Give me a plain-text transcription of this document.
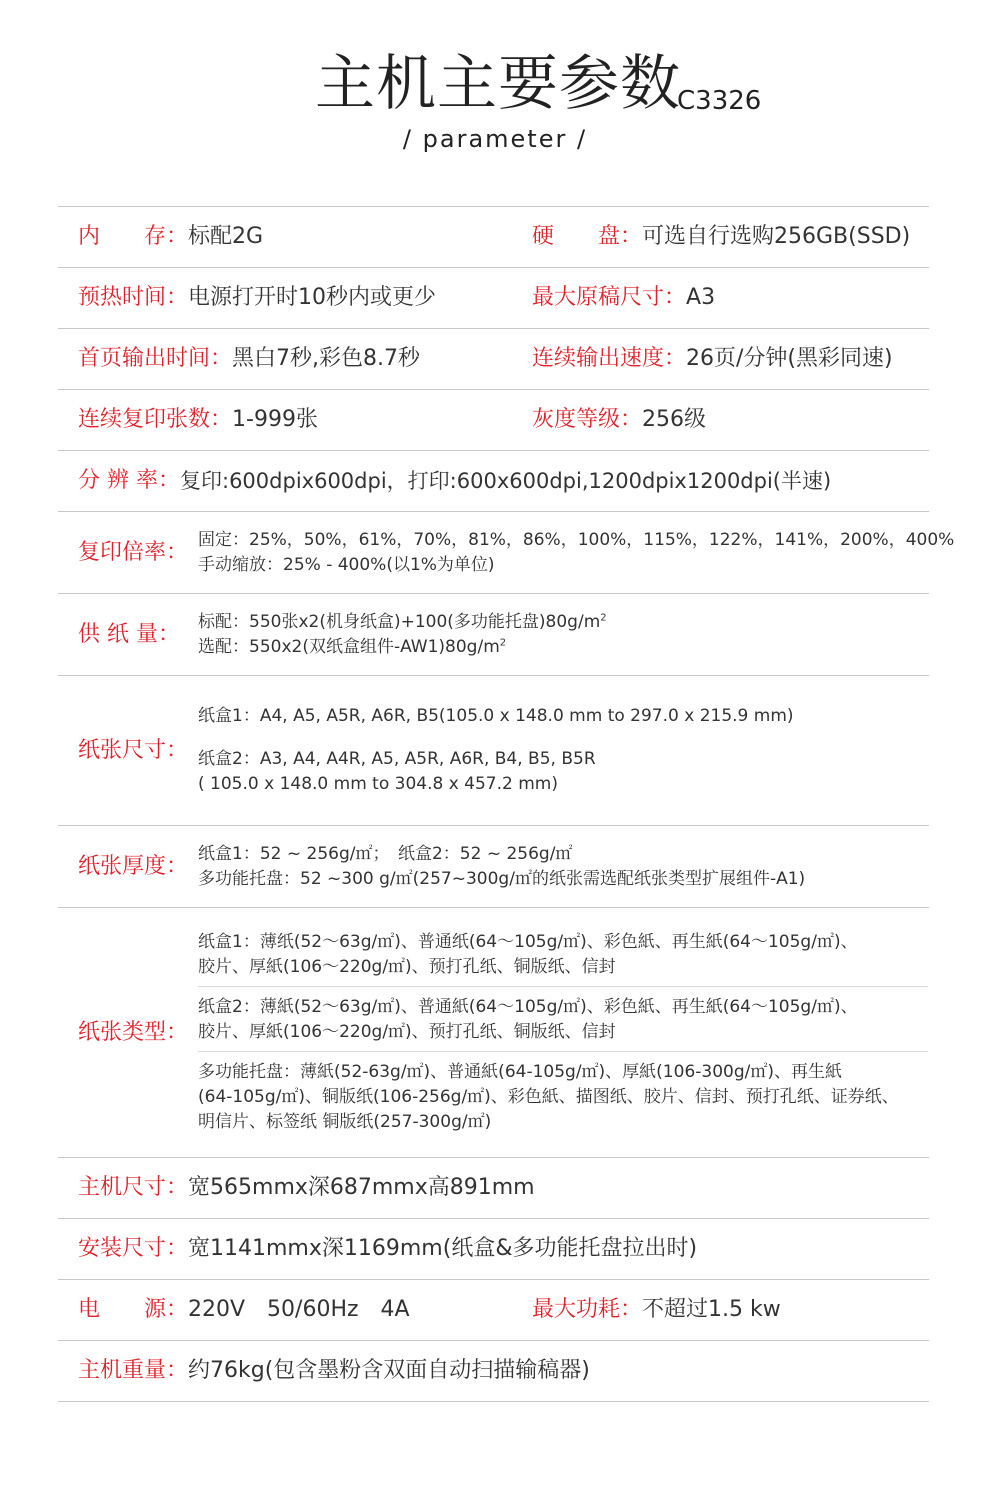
主机主要参数
C3326
/ parameter /
内　　存： 标配2G	硬　　盘： 可选自行选购256GB(SSD)
预热时间： 电源打开时10秒内或更少	最大原稿尺寸： A3
首页输出时间： 黑白7秒,彩色8.7秒	连续输出速度： 26页/分钟(黑彩同速)
连续复印张数： 1-999张	灰度等级： 256级
分 辨 率： 复印:600dpix600dpi，打印:600x600dpi,1200dpix1200dpi(半速)
复印倍率： 固定：25%，50%，61%，70%，81%，86%，100%，115%，122%，141%，200%，400%
手动缩放：25% - 400%(以1%为单位)
供 纸 量： 标配：550张x2(机身纸盒)+100(多功能托盘)$80g/m^2$
选配：550x2(双纸盒组件$-AW1)80g/m^2$
纸张尺寸：
纸盒1：A4, A5, A5R, A6R, B5(105.0 x 148.0 mm to 297.0 x 215.9 mm)
纸盒2：A3, A4, A4R, A5, A5R, A6R, B4, B5, B5R
( 105.0 x 148.0 mm to 304.8 x 457.2 mm)
纸张厚度： 纸盒1：52 ~ 256g/㎡；　纸盒2：52 ~ 256g/㎡
多功能托盘：52 ~300 g/㎡(257~300g/㎡的纸张需选配纸张类型扩展组件-A1)
纸张类型：
纸盒1：薄纸(52～63g/㎡)、普通纸(64～105g/㎡)、彩色紙、再生紙(64～105g/㎡)、
胶片、厚紙(106～220g/㎡)、预打孔纸、铜版纸、信封
纸盒2：薄紙(52～63g/㎡)、普通紙(64～105g/㎡)、彩色紙、再生紙(64～105g/㎡)、
胶片、厚紙(106～220g/㎡)、预打孔纸、铜版纸、信封
多功能托盘：薄紙(52-63g/㎡)、普通紙(64-105g/㎡)、厚紙(106-300g/㎡)、再生紙
(64-105g/㎡)、铜版纸(106-256g/㎡)、彩色紙、描图纸、胶片、信封、预打孔纸、证券纸、
明信片、标签纸 铜版纸(257-300g/㎡)
主机尺寸： 宽565mmx深687mmx高891mm
安装尺寸： 宽1141mmx深1169mm(纸盒&多功能托盘拉出时)
电　　源： 220V　50/60Hz　4A	最大功耗： 不超过1.5 kw
主机重量： 约76kg(包含墨粉含双面自动扫描输稿器)
